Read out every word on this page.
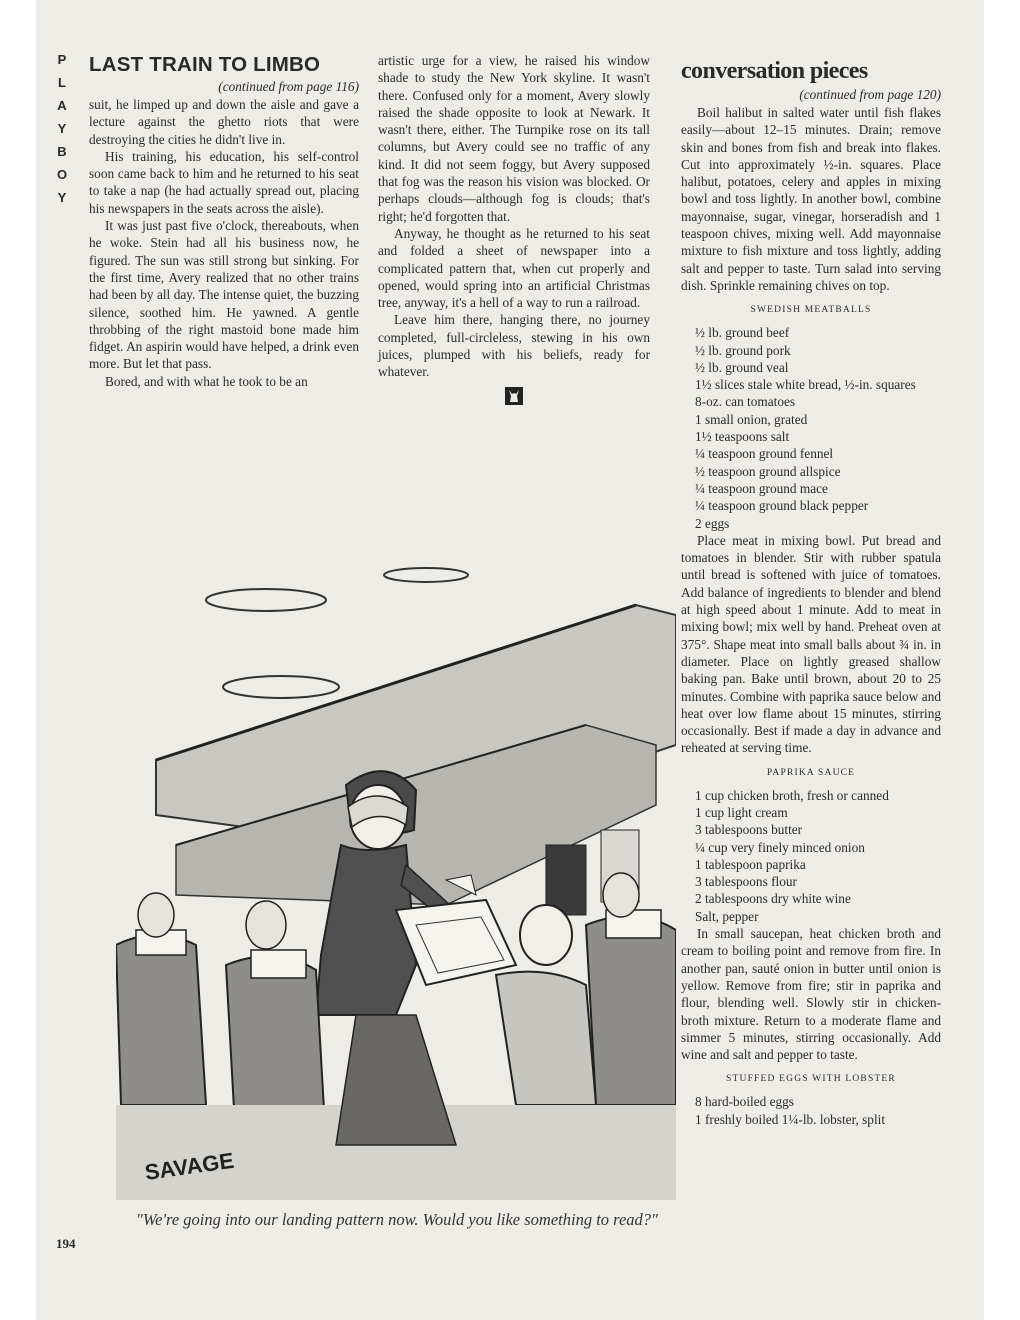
P
L
A
Y
B
O
Y
LAST TRAIN TO LIMBO

(continued from page 116)

suit, he limped up and down the aisle and gave a lecture against the ghetto riots that were destroying the cities he didn't live in.

His training, his education, his self-control soon came back to him and he returned to his seat to take a nap (he had actually spread out, placing his newspapers in the seats across the aisle).

It was just past five o'clock, thereabouts, when he woke. Stein had all his business now, he figured. The sun was still strong but sinking. For the first time, Avery realized that no other trains had been by all day. The intense quiet, the buzzing silence, soothed him. He yawned. A gentle throbbing of the right mastoid bone made him fidget. An aspirin would have helped, a drink even more. But let that pass.

Bored, and with what he took to be an

artistic urge for a view, he raised his window shade to study the New York skyline. It wasn't there. Confused only for a moment, Avery slowly raised the shade opposite to look at Newark. It wasn't there, either. The Turnpike rose on its tall columns, but Avery could see no traffic of any kind. It did not seem foggy, but Avery supposed that fog was the reason his vision was blocked. Or perhaps clouds—although fog is clouds; that's right; he'd forgotten that.

Anyway, he thought as he returned to his seat and folded a sheet of newspaper into a complicated pattern that, when cut properly and opened, would spring into an artificial Christmas tree, anyway, it's a hell of a way to run a railroad.

Leave him there, hanging there, no journey completed, full-circleless, stewing in his own juices, plumped with his beliefs, ready for whatever.

conversation pieces

(continued from page 120)

Boil halibut in salted water until fish flakes easily—about 12–15 minutes. Drain; remove skin and bones from fish and break into flakes. Cut into approximately ½-in. squares. Place halibut, potatoes, celery and apples in mixing bowl and toss lightly. In another bowl, combine mayonnaise, sugar, vinegar, horseradish and 1 teaspoon chives, mixing well. Add mayonnaise mixture to fish mixture and toss lightly, adding salt and pepper to taste. Turn salad into serving dish. Sprinkle remaining chives on top.

SWEDISH MEATBALLS
½ lb. ground beef
½ lb. ground pork
½ lb. ground veal
1½ slices stale white bread, ½-in. squares
8-oz. can tomatoes
1 small onion, grated
1½ teaspoons salt
¼ teaspoon ground fennel
½ teaspoon ground allspice
¼ teaspoon ground mace
¼ teaspoon ground black pepper
2 eggs

Place meat in mixing bowl. Put bread and tomatoes in blender. Stir with rubber spatula until bread is softened with juice of tomatoes. Add balance of ingredients to blender and blend at high speed about 1 minute. Add to meat in mixing bowl; mix well by hand. Preheat oven at 375°. Shape meat into small balls about ¾ in. in diameter. Place on lightly greased shallow baking pan. Bake until brown, about 20 to 25 minutes. Combine with paprika sauce below and heat over low flame about 15 minutes, stirring occasionally. Best if made a day in advance and reheated at serving time.

PAPRIKA SAUCE
1 cup chicken broth, fresh or canned
1 cup light cream
3 tablespoons butter
¼ cup very finely minced onion
1 tablespoon paprika
3 tablespoons flour
2 tablespoons dry white wine
Salt, pepper

In small saucepan, heat chicken broth and cream to boiling point and remove from fire. In another pan, sauté onion in butter until onion is yellow. Remove from fire; stir in paprika and flour, blending well. Slowly stir in chicken-broth mixture. Return to a moderate flame and simmer 5 minutes, stirring occasionally. Add wine and salt and pepper to taste.

STUFFED EGGS WITH LOBSTER
8 hard-boiled eggs
1 freshly boiled 1¼-lb. lobster, split
SAVAGE
"We're going into our landing pattern now. Would you like something to read?"
194
